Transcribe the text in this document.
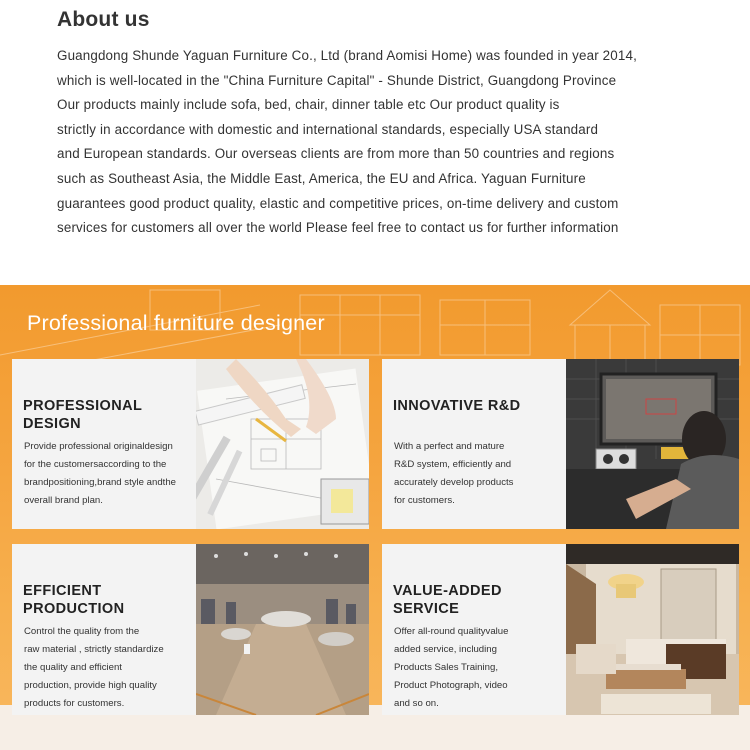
About us
Guangdong Shunde Yaguan Furniture Co., Ltd (brand Aomisi Home) was founded in year 2014,
which is well-located in the "China Furniture Capital" - Shunde District, Guangdong Province
Our products mainly include sofa, bed, chair, dinner table etc Our product quality is
strictly in accordance with domestic and international standards, especially USA standard
and European standards. Our overseas clients are from more than 50 countries and regions
such as Southeast Asia, the Middle East, America, the EU and Africa. Yaguan Furniture
guarantees good product quality, elastic and competitive prices, on-time delivery and custom
services for customers all over the world Please feel free to contact us for further information
Professional furniture designer
PROFESSIONAL
DESIGN
Provide professional originaldesign
for the customersaccording to the
brandpositioning,brand style andthe
overall brand plan.
INNOVATIVE R&D
With a perfect and mature
R&D system, efficiently and
accurately develop products
for customers.
EFFICIENT
PRODUCTION
Control the quality from the
raw material , strictly standardize
the quality and efficient
production, provide high quality
products for customers.
VALUE-ADDED
SERVICE
Offer all-round qualityvalue
added service, including
Products Sales Training,
Product Photograph, video
and so on.
